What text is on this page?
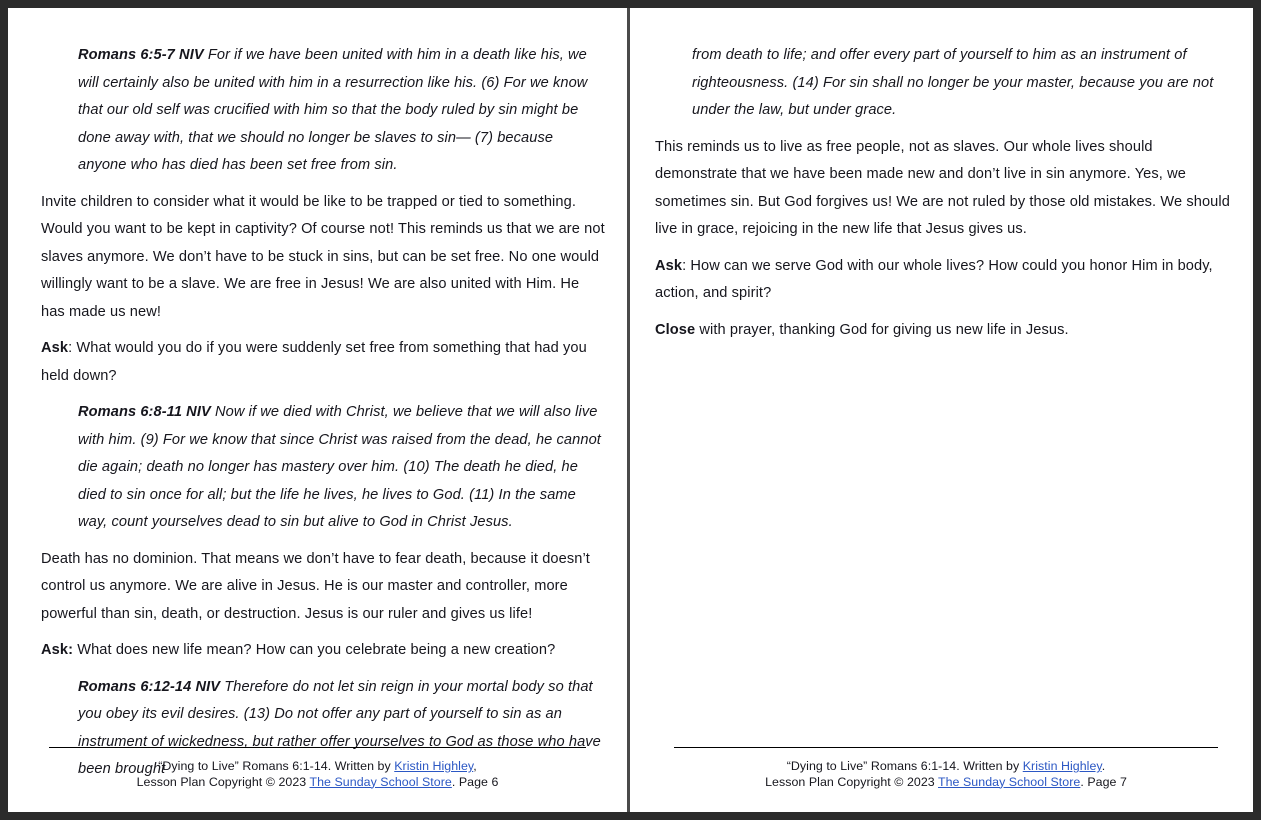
Romans 6:5-7 NIV For if we have been united with him in a death like his, we will certainly also be united with him in a resurrection like his. (6) For we know that our old self was crucified with him so that the body ruled by sin might be done away with, that we should no longer be slaves to sin— (7) because anyone who has died has been set free from sin.

Invite children to consider what it would be like to be trapped or tied to something. Would you want to be kept in captivity? Of course not! This reminds us that we are not slaves anymore. We don’t have to be stuck in sins, but can be set free. No one would willingly want to be a slave. We are free in Jesus! We are also united with Him. He has made us new!

Ask: What would you do if you were suddenly set free from something that had you held down?

Romans 6:8-11 NIV Now if we died with Christ, we believe that we will also live with him. (9) For we know that since Christ was raised from the dead, he cannot die again; death no longer has mastery over him. (10) The death he died, he died to sin once for all; but the life he lives, he lives to God. (11) In the same way, count yourselves dead to sin but alive to God in Christ Jesus.

Death has no dominion. That means we don’t have to fear death, because it doesn’t control us anymore. We are alive in Jesus. He is our master and controller, more powerful than sin, death, or destruction. Jesus is our ruler and gives us life!

Ask: What does new life mean? How can you celebrate being a new creation?

Romans 6:12-14 NIV Therefore do not let sin reign in your mortal body so that you obey its evil desires. (13) Do not offer any part of yourself to sin as an instrument of wickedness, but rather offer yourselves to God as those who have been brought

“Dying to Live” Romans 6:1-14. Written by Kristin Highley,
Lesson Plan Copyright © 2023 The Sunday School Store. Page 6

from death to life; and offer every part of yourself to him as an instrument of righteousness. (14) For sin shall no longer be your master, because you are not under the law, but under grace.

This reminds us to live as free people, not as slaves. Our whole lives should demonstrate that we have been made new and don’t live in sin anymore. Yes, we sometimes sin. But God forgives us! We are not ruled by those old mistakes. We should live in grace, rejoicing in the new life that Jesus gives us.

Ask: How can we serve God with our whole lives? How could you honor Him in body, action, and spirit?

Close with prayer, thanking God for giving us new life in Jesus.

“Dying to Live” Romans 6:1-14. Written by Kristin Highley.
Lesson Plan Copyright © 2023 The Sunday School Store. Page 7
